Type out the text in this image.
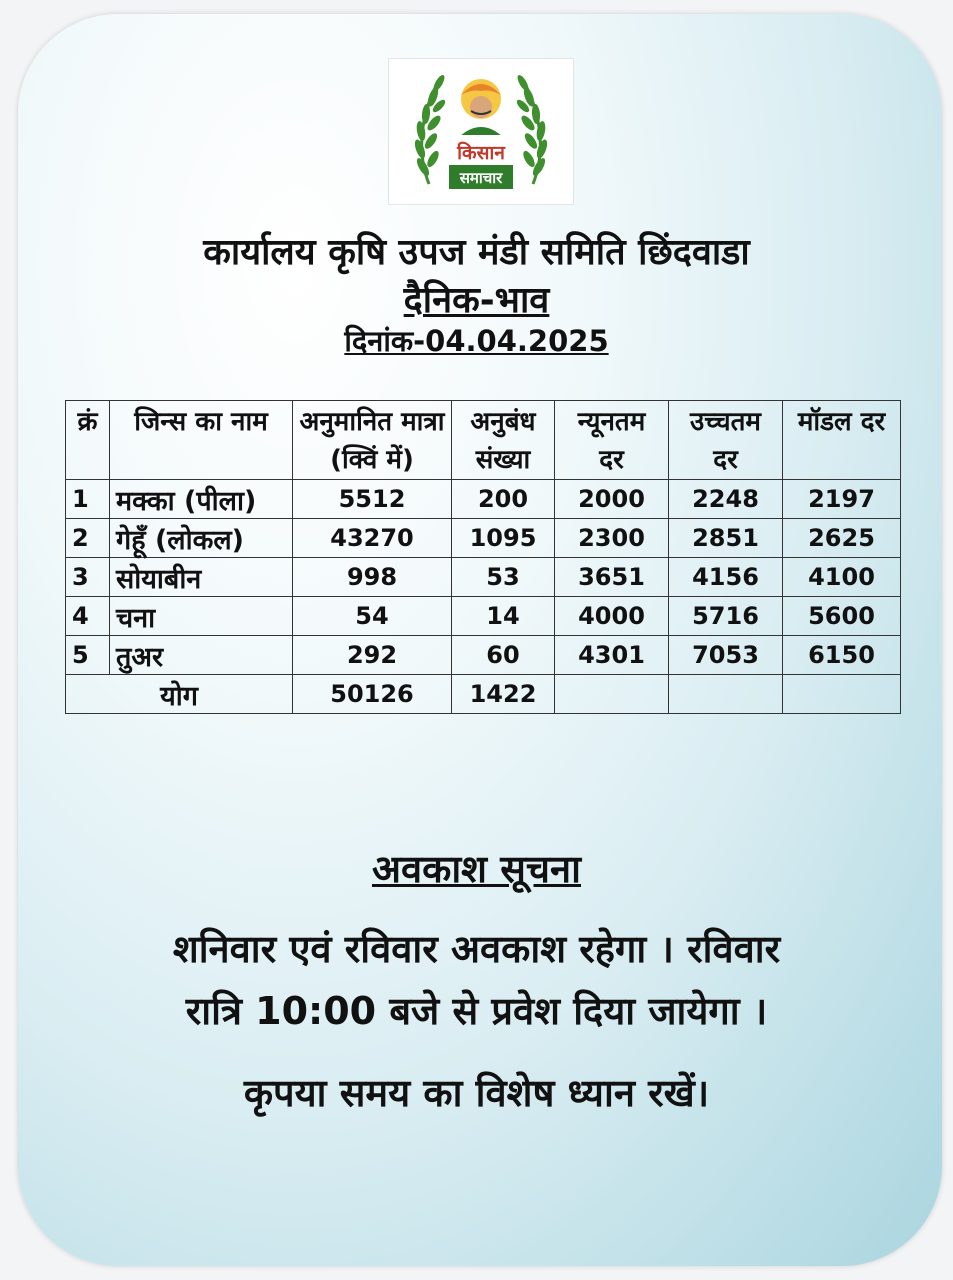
किसान
समाचार
कार्यालय कृषि उपज मंडी समिति छिंदवाडा
दैनिक-भाव
दिनांक-04.04.2025
क्रं	जिन्स का नाम	अनुमानित मात्रा (क्विं में)	अनुबंध संख्या	न्यूनतम दर	उच्चतम दर	मॉडल दर
1	मक्का (पीला)	5512	200	2000	2248	2197
2	गेहूँ (लोकल)	43270	1095	2300	2851	2625
3	सोयाबीन	998	53	3651	4156	4100
4	चना	54	14	4000	5716	5600
5	तुअर	292	60	4301	7053	6150
योग		50126	1422			
अवकाश सूचना
शनिवार एवं रविवार अवकाश रहेगा । रविवार
रात्रि 10:00 बजे से प्रवेश दिया जायेगा ।
कृपया समय का विशेष ध्यान रखें।
